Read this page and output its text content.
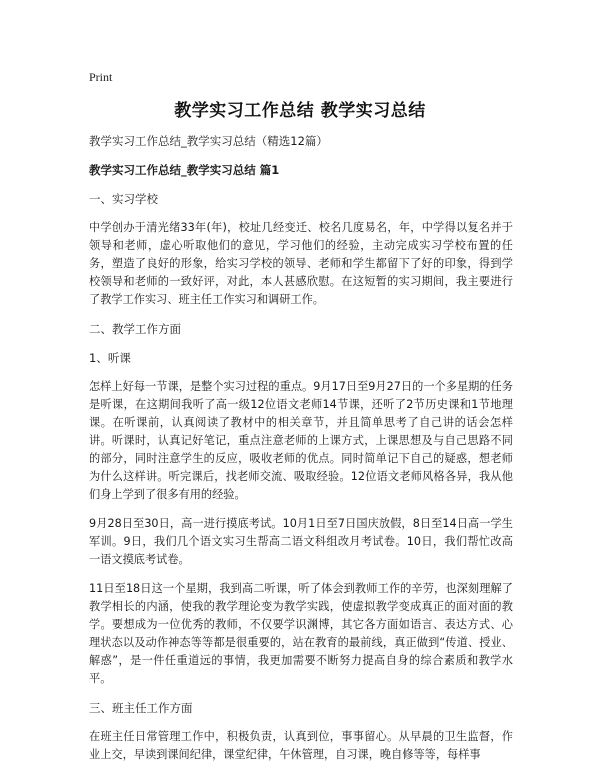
Print
教学实习工作总结 教学实习总结

教学实习工作总结_教学实习总结（精选12篇）

教学实习工作总结_教学实习总结 篇1

一、实习学校

中学创办于清光绪33年(年)，校址几经变迁、校名几度易名，年，中学得以复名并于领导和老师，虚心听取他们的意见，学习他们的经验，主动完成实习学校布置的任务，塑造了良好的形象，给实习学校的领导、老师和学生都留下了好的印象，得到学校领导和老师的一致好评，对此，本人甚感欣慰。在这短暂的实习期间，我主要进行了教学工作实习、班主任工作实习和调研工作。

二、教学工作方面

1、听课

怎样上好每一节课，是整个实习过程的重点。9月17日至9月27日的一个多星期的任务是听课，在这期间我听了高一级12位语文老师14节课，还听了2节历史课和1节地理课。在听课前，认真阅读了教材中的相关章节，并且简单思考了自己讲的话会怎样讲。听课时，认真记好笔记，重点注意老师的上课方式，上课思想及与自己思路不同的部分，同时注意学生的反应，吸收老师的优点。同时简单记下自己的疑惑，想老师为什么这样讲。听完课后，找老师交流、吸取经验。12位语文老师风格各异，我从他们身上学到了很多有用的经验。

9月28日至30日，高一进行摸底考试。10月1日至7日国庆放假，8日至14日高一学生军训。9日，我们几个语文实习生帮高二语文科组改月考试卷。10日，我们帮忙改高一语文摸底考试卷。

11日至18日这一个星期，我到高二听课，听了体会到教师工作的辛劳，也深刻理解了教学相长的内涵，使我的教学理论变为教学实践，使虚拟教学变成真正的面对面的教学。要想成为一位优秀的教师，不仅要学识渊博，其它各方面如语言、表达方式、心理状态以及动作神态等等都是很重要的，站在教育的最前线，真正做到“传道、授业、解惑”，是一件任重道远的事情，我更加需要不断努力提高自身的综合素质和教学水平。

三、班主任工作方面

在班主任日常管理工作中，积极负责，认真到位，事事留心。从早晨的卫生监督，作业上交，早读到课间纪律，课堂纪律，午休管理，自习课，晚自修等等，每样事
